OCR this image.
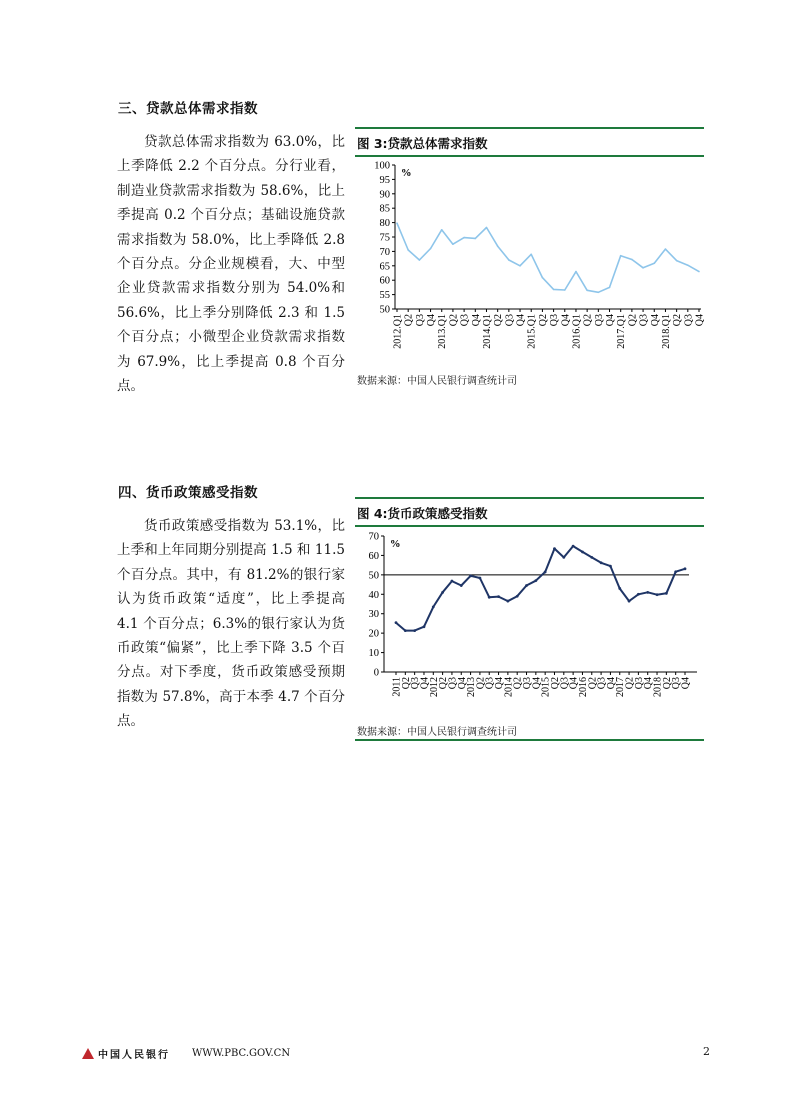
三、贷款总体需求指数

贷款总体需求指数为 63.0%，比上季降低 2.2 个百分点。分行业看，制造业贷款需求指数为 58.6%，比上季提高 0.2 个百分点；基础设施贷款需求指数为 58.0%，比上季降低 2.8 个百分点。分企业规模看，大、中型企业贷款需求指数分别为 54.0%和 56.6%，比上季分别降低 2.3 和 1.5 个百分点；小微型企业贷款需求指数为 67.9%，比上季提高 0.8 个百分点。

图 3:贷款总体需求指数
50
55
60
65
70
75
80
85
90
95
100
%
2012.Q1 Q2 Q3 Q4 2013.Q1 Q2 Q3 Q4 2014.Q1 Q2 Q3 Q4 2015.Q1 Q2 Q3 Q4 2016.Q1 Q2 Q3 Q4 2017.Q1 Q2 Q3 Q4 2018.Q1 Q2 Q3 Q4
数据来源：中国人民银行调查统计司
四、货币政策感受指数

货币政策感受指数为 53.1%，比上季和上年同期分别提高 1.5 和 11.5 个百分点。其中，有 81.2%的银行家认为货币政策“适度”，比上季提高 4.1 个百分点；6.3%的银行家认为货币政策“偏紧”，比上季下降 3.5 个百分点。对下季度，货币政策感受预期指数为 57.8%，高于本季 4.7 个百分点。

图 4:货币政策感受指数
0
10
20
30
40
50
60
70
%
2011
Q2
Q3
Q4
2012
Q2
Q3
Q4
2013
Q2
Q3
Q4
2014
Q2
Q3
Q4
2015
Q2
Q3
Q4
2016
Q2
Q3
Q4
2017
Q2
Q3
Q4
2018
Q2
Q3
Q4
数据来源：中国人民银行调查统计司
中国人民银行 WWW.PBC.GOV.CN	2
